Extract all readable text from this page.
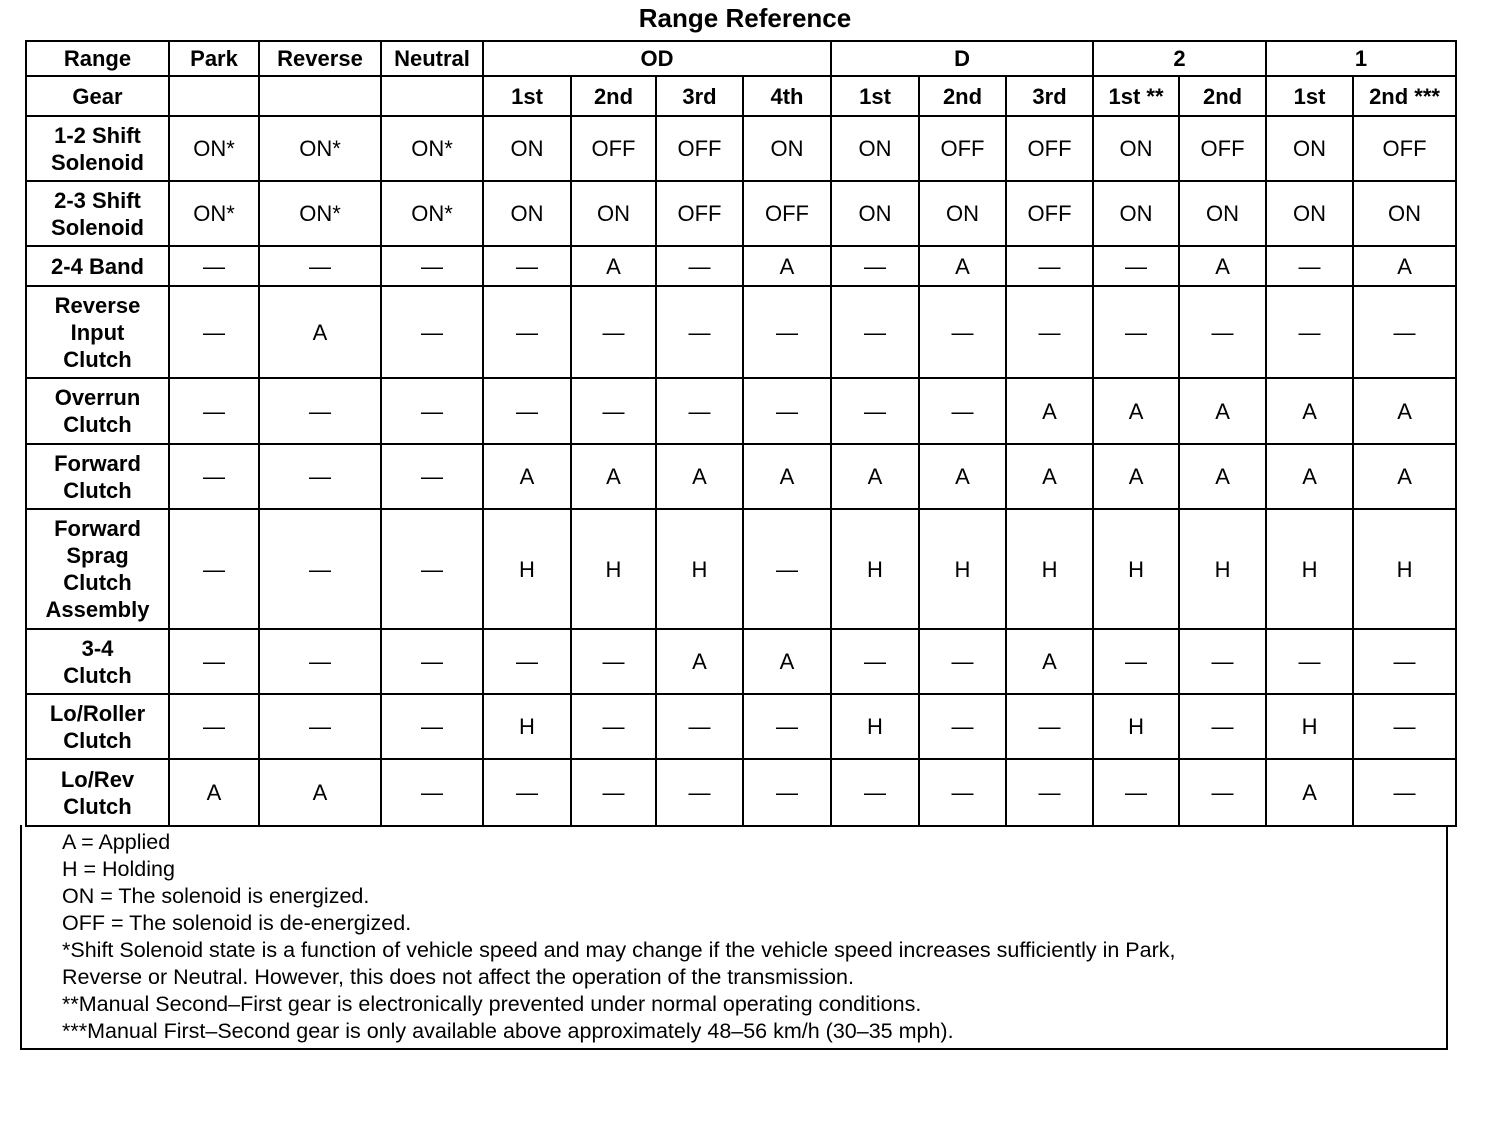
Range Reference
Range	Park	Reverse	Neutral	OD				D			2		1	
Gear				1st	2nd	3rd	4th	1st	2nd	3rd	1st **	2nd	1st	2nd ***
1-2 Shift
Solenoid	ON*	ON*	ON*	ON	OFF	OFF	ON	ON	OFF	OFF	ON	OFF	ON	OFF
2-3 Shift
Solenoid	ON*	ON*	ON*	ON	ON	OFF	OFF	ON	ON	OFF	ON	ON	ON	ON
2-4 Band	—	—	—	—	A	—	A	—	A	—	—	A	—	A
Reverse
Input
Clutch	—	A	—	—	—	—	—	—	—	—	—	—	—	—
Overrun
Clutch	—	—	—	—	—	—	—	—	—	A	A	A	A	A
Forward
Clutch	—	—	—	A	A	A	A	A	A	A	A	A	A	A
Forward
Sprag
Clutch
Assembly	—	—	—	H	H	H	—	H	H	H	H	H	H	H
3-4
Clutch	—	—	—	—	—	A	A	—	—	A	—	—	—	—
Lo/Roller
Clutch	—	—	—	H	—	—	—	H	—	—	H	—	H	—
Lo/Rev
Clutch	A	A	—	—	—	—	—	—	—	—	—	—	A	—
A = Applied
H = Holding
ON = The solenoid is energized.
OFF = The solenoid is de-energized.
*Shift Solenoid state is a function of vehicle speed and may change if the vehicle speed increases sufficiently in Park,
Reverse or Neutral. However, this does not affect the operation of the transmission.
**Manual Second–First gear is electronically prevented under normal operating conditions.
***Manual First–Second gear is only available above approximately 48–56 km/h (30–35 mph).
